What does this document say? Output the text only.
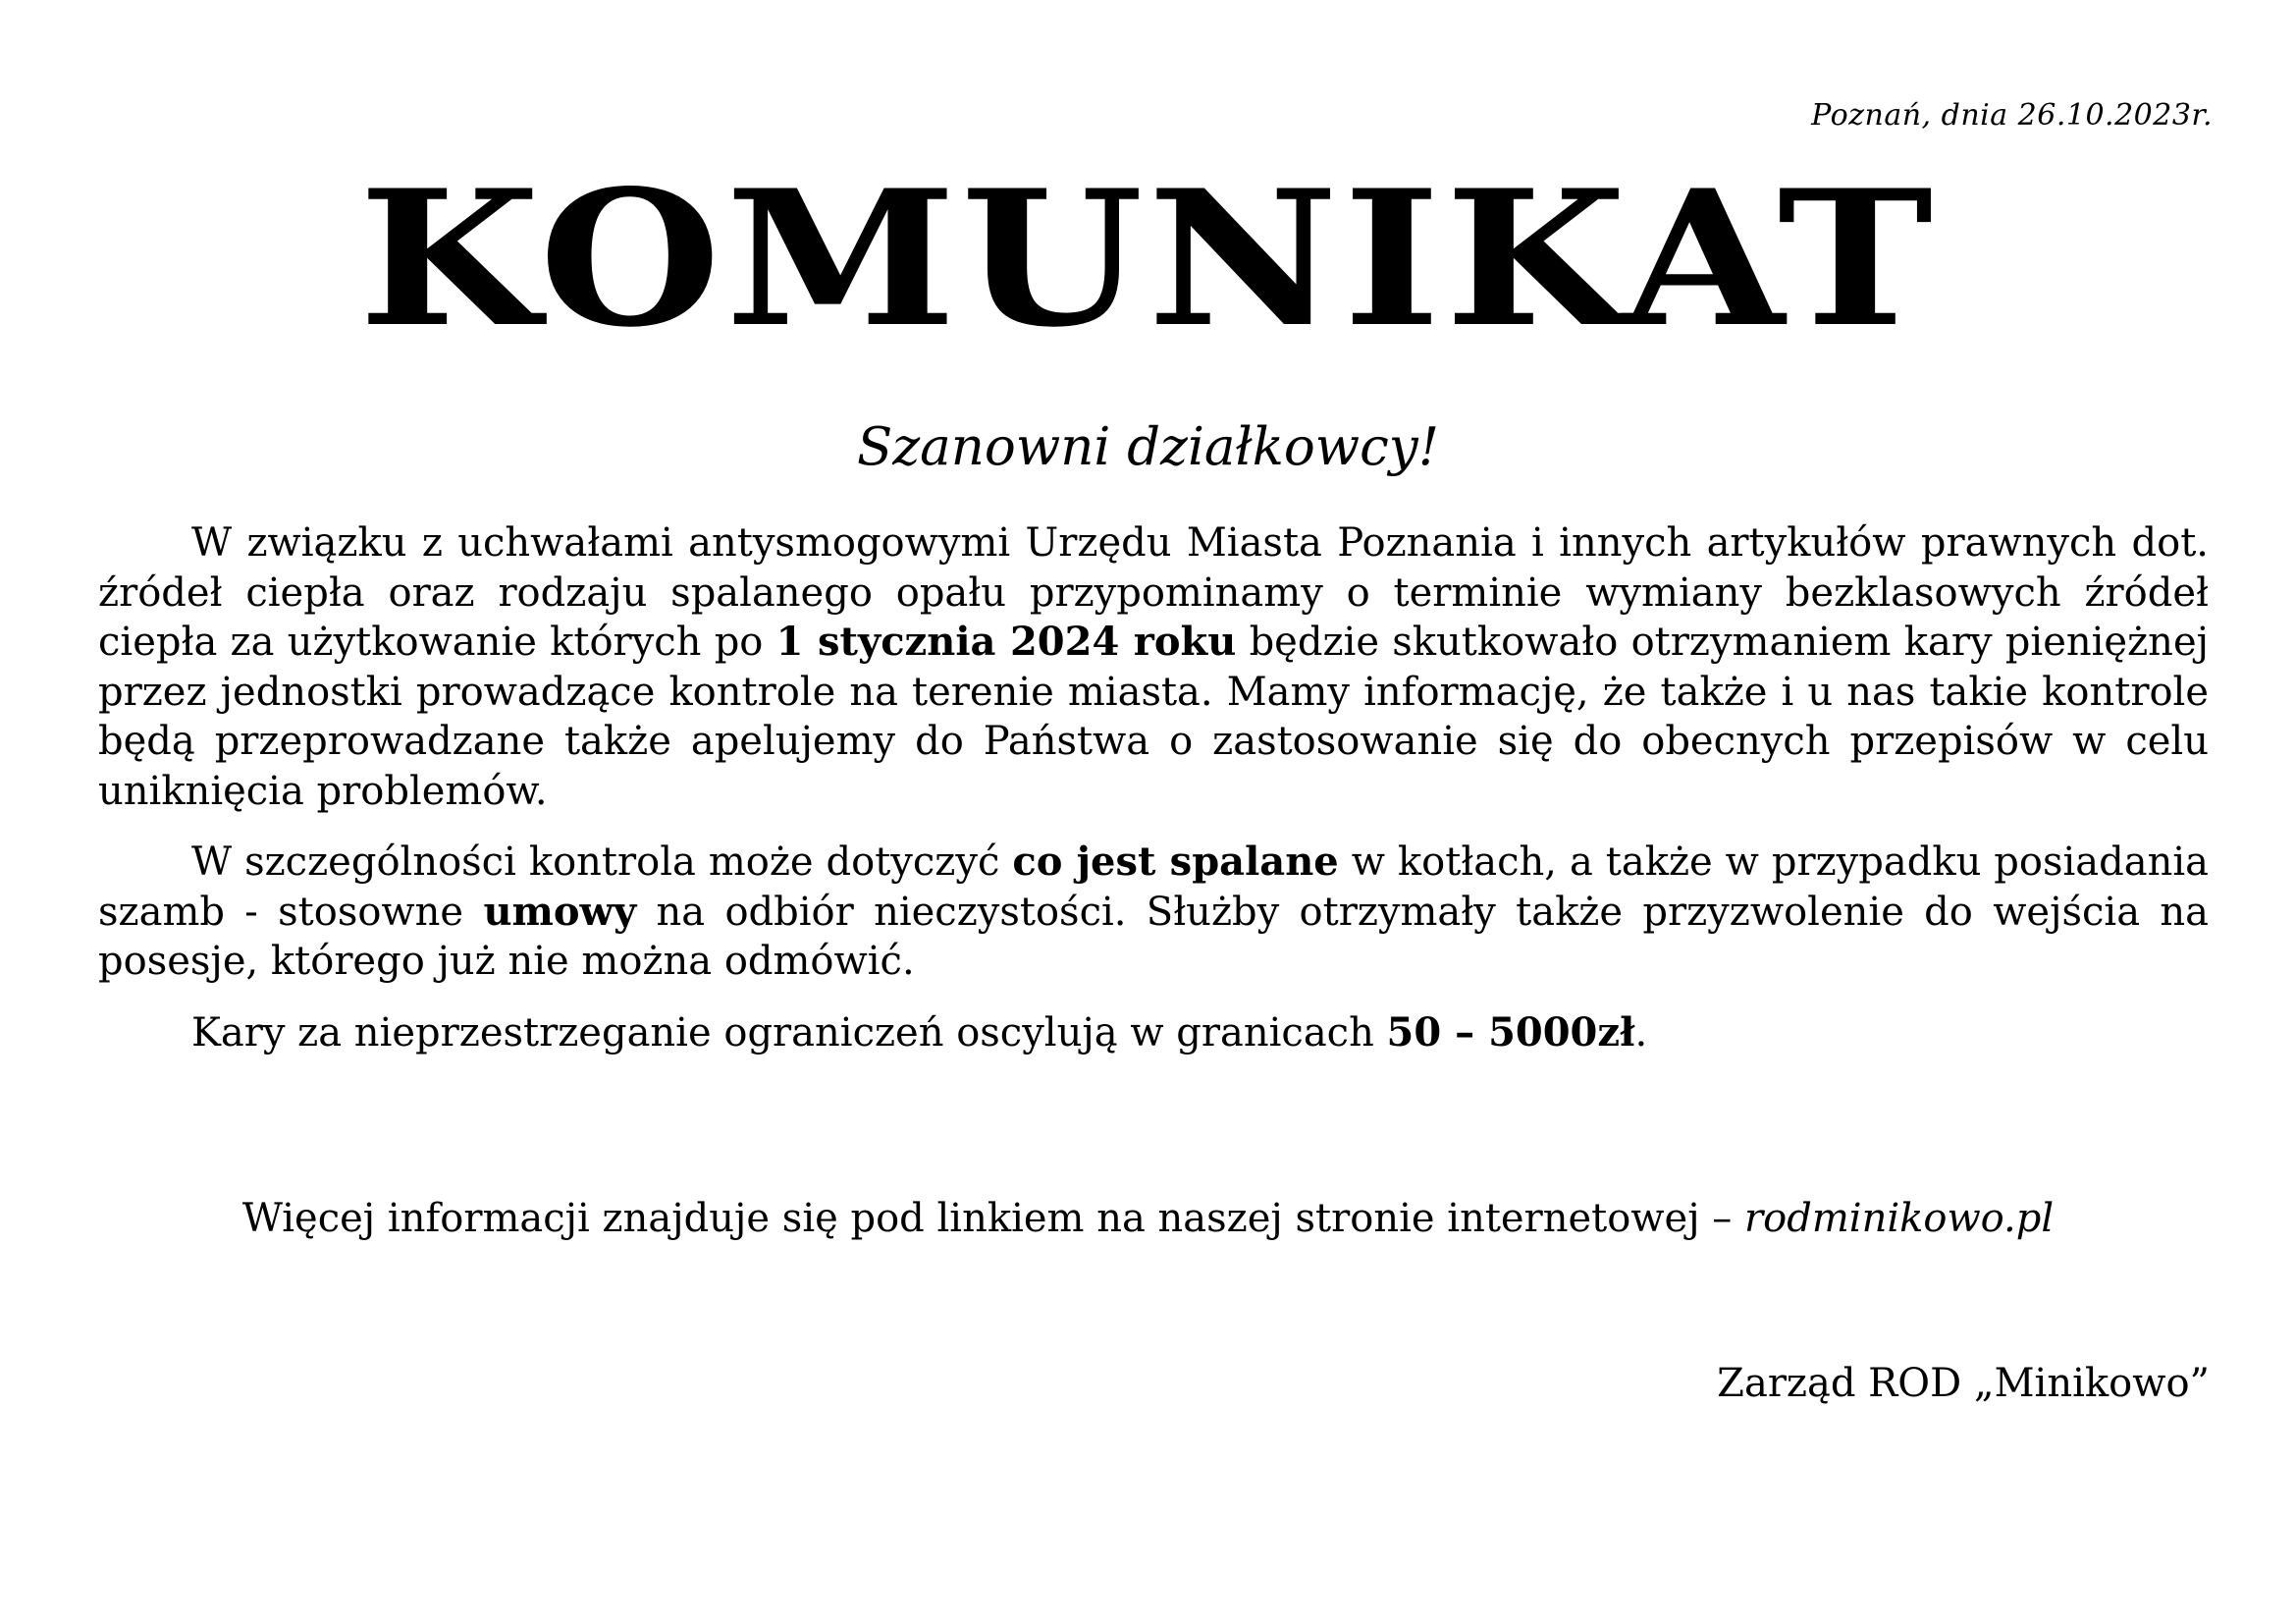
Poznań, dnia 26.10.2023r.
KOMUNIKAT
Szanowni działkowcy!

W związku z uchwałami antysmogowymi Urzędu Miasta Poznania i innych artykułów prawnych dot. źródeł ciepła oraz rodzaju spalanego opału przypominamy o terminie wymiany bezklasowych źródeł ciepła za użytkowanie których po 1 stycznia 2024 roku będzie skutkowało otrzymaniem kary pieniężnej przez jednostki prowadzące kontrole na terenie miasta. Mamy informację, że także i u nas takie kontrole będą przeprowadzane także apelujemy do Państwa o zastosowanie się do obecnych przepisów w celu uniknięcia problemów.

W szczególności kontrola może dotyczyć co jest spalane w kotłach, a także w przypadku posiadania szamb - stosowne umowy na odbiór nieczystości. Służby otrzymały także przyzwolenie do wejścia na posesje, którego już nie można odmówić.

Kary za nieprzestrzeganie ograniczeń oscylują w granicach 50 – 5000zł.

Więcej informacji znajduje się pod linkiem na naszej stronie internetowej – rodminikowo.pl
Zarząd ROD „Minikowo”
